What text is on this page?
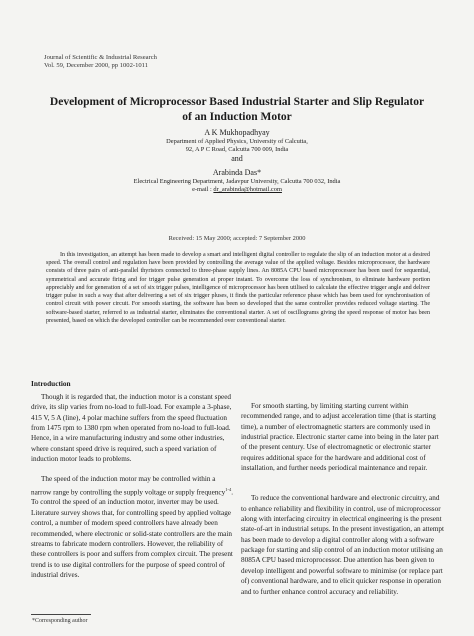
Journal of Scientific & Industrial Research
Vol. 59, December 2000, pp 1002-1011
Development of Microprocessor Based Industrial Starter and Slip Regulator of an Induction Motor
A K Mukhopadhyay
Department of Applied Physics, University of Calcutta,
92, A P C Road, Calcutta 700 009, India
and
Arabinda Das*
Electrical Engineering Department, Jadavpur University, Calcutta 700 032, India
e-mail : dr_arabinda@hotmail.com
Received: 15 May 2000; accepted: 7 September 2000

In this investigation, an attempt has been made to develop a smart and intelligent digital controller to regulate the slip of an induction motor at a desired speed. The overall control and regulation have been provided by controlling the average value of the applied voltage. Besides microprocessor, the hardware consists of three pairs of anti-parallel thyristors connected to three-phase supply lines. An 8085A CPU based microprocessor has been used for sequential, symmetrical and accurate firing and for trigger pulse generation at proper instant. To overcome the loss of synchronism, to eliminate hardware portion appreciably and for generation of a set of six trigger pulses, intelligence of microprocessor has been utilised to calculate the effective trigger angle and deliver trigger pulse in such a way that after delivering a set of six trigger pluses, it finds the particular reference phase which has been used for synchronisation of control circuit with power circuit. For smooth starting, the software has been so developed that the same controller provides reduced voltage starting. The software-based starter, referred to as industrial starter, eliminates the conventional starter. A set of oscillograms giving the speed response of motor has been presented, based on which the developed controller can be recommended over conventional starter.

Introduction

Though it is regarded that, the induction motor is a constant speed drive, its slip varies from no-load to full-load. For example a 3-phase, 415 V, 5 A (line), 4 polar machine suffers from the speed fluctuation from 1475 rpm to 1380 rpm when operated from no-load to full-load. Hence, in a wire manufacturing industry and some other industries, where constant speed drive is required, such a speed variation of induction motor leads to problems.

The speed of the induction motor may be controlled within a narrow range by controlling the supply voltage or supply frequency$^{1-4}$. To control the speed of an induction motor, inverter may be used. Literature survey shows that, for controlling speed by applied voltage control, a number of modern speed controllers have already been recommended, where electronic or solid-state controllers are the main streams to fabricate modern controllers. However, the reliability of these controllers is poor and suffers from complex circuit. The present trend is to use digital controllers for the purpose of speed control of industrial drives.

For smooth starting, by limiting starting current within recommended range, and to adjust acceleration time (that is starting time), a number of electromagnetic starters are commonly used in industrial practice. Electronic starter came into being in the later part of the present century. Use of electromagnetic or electronic starter requires additional space for the hardware and additional cost of installation, and further needs periodical maintenance and repair.

To reduce the conventional hardware and electronic circuitry, and to enhance reliability and flexibility in control, use of microprocessor along with interfacing circuitry in electrical engineering is the present state-of-art in industrial setups. In the present investigation, an attempt has been made to develop a digital controller along with a software package for starting and slip control of an induction motor utilising an 8085A CPU based microprocessor. Due attention has been given to develop intelligent and powerful software to minimise (or replace part of) conventional hardware, and to elicit quicker response in operation and to further enhance control accuracy and reliability.

*Corresponding author
